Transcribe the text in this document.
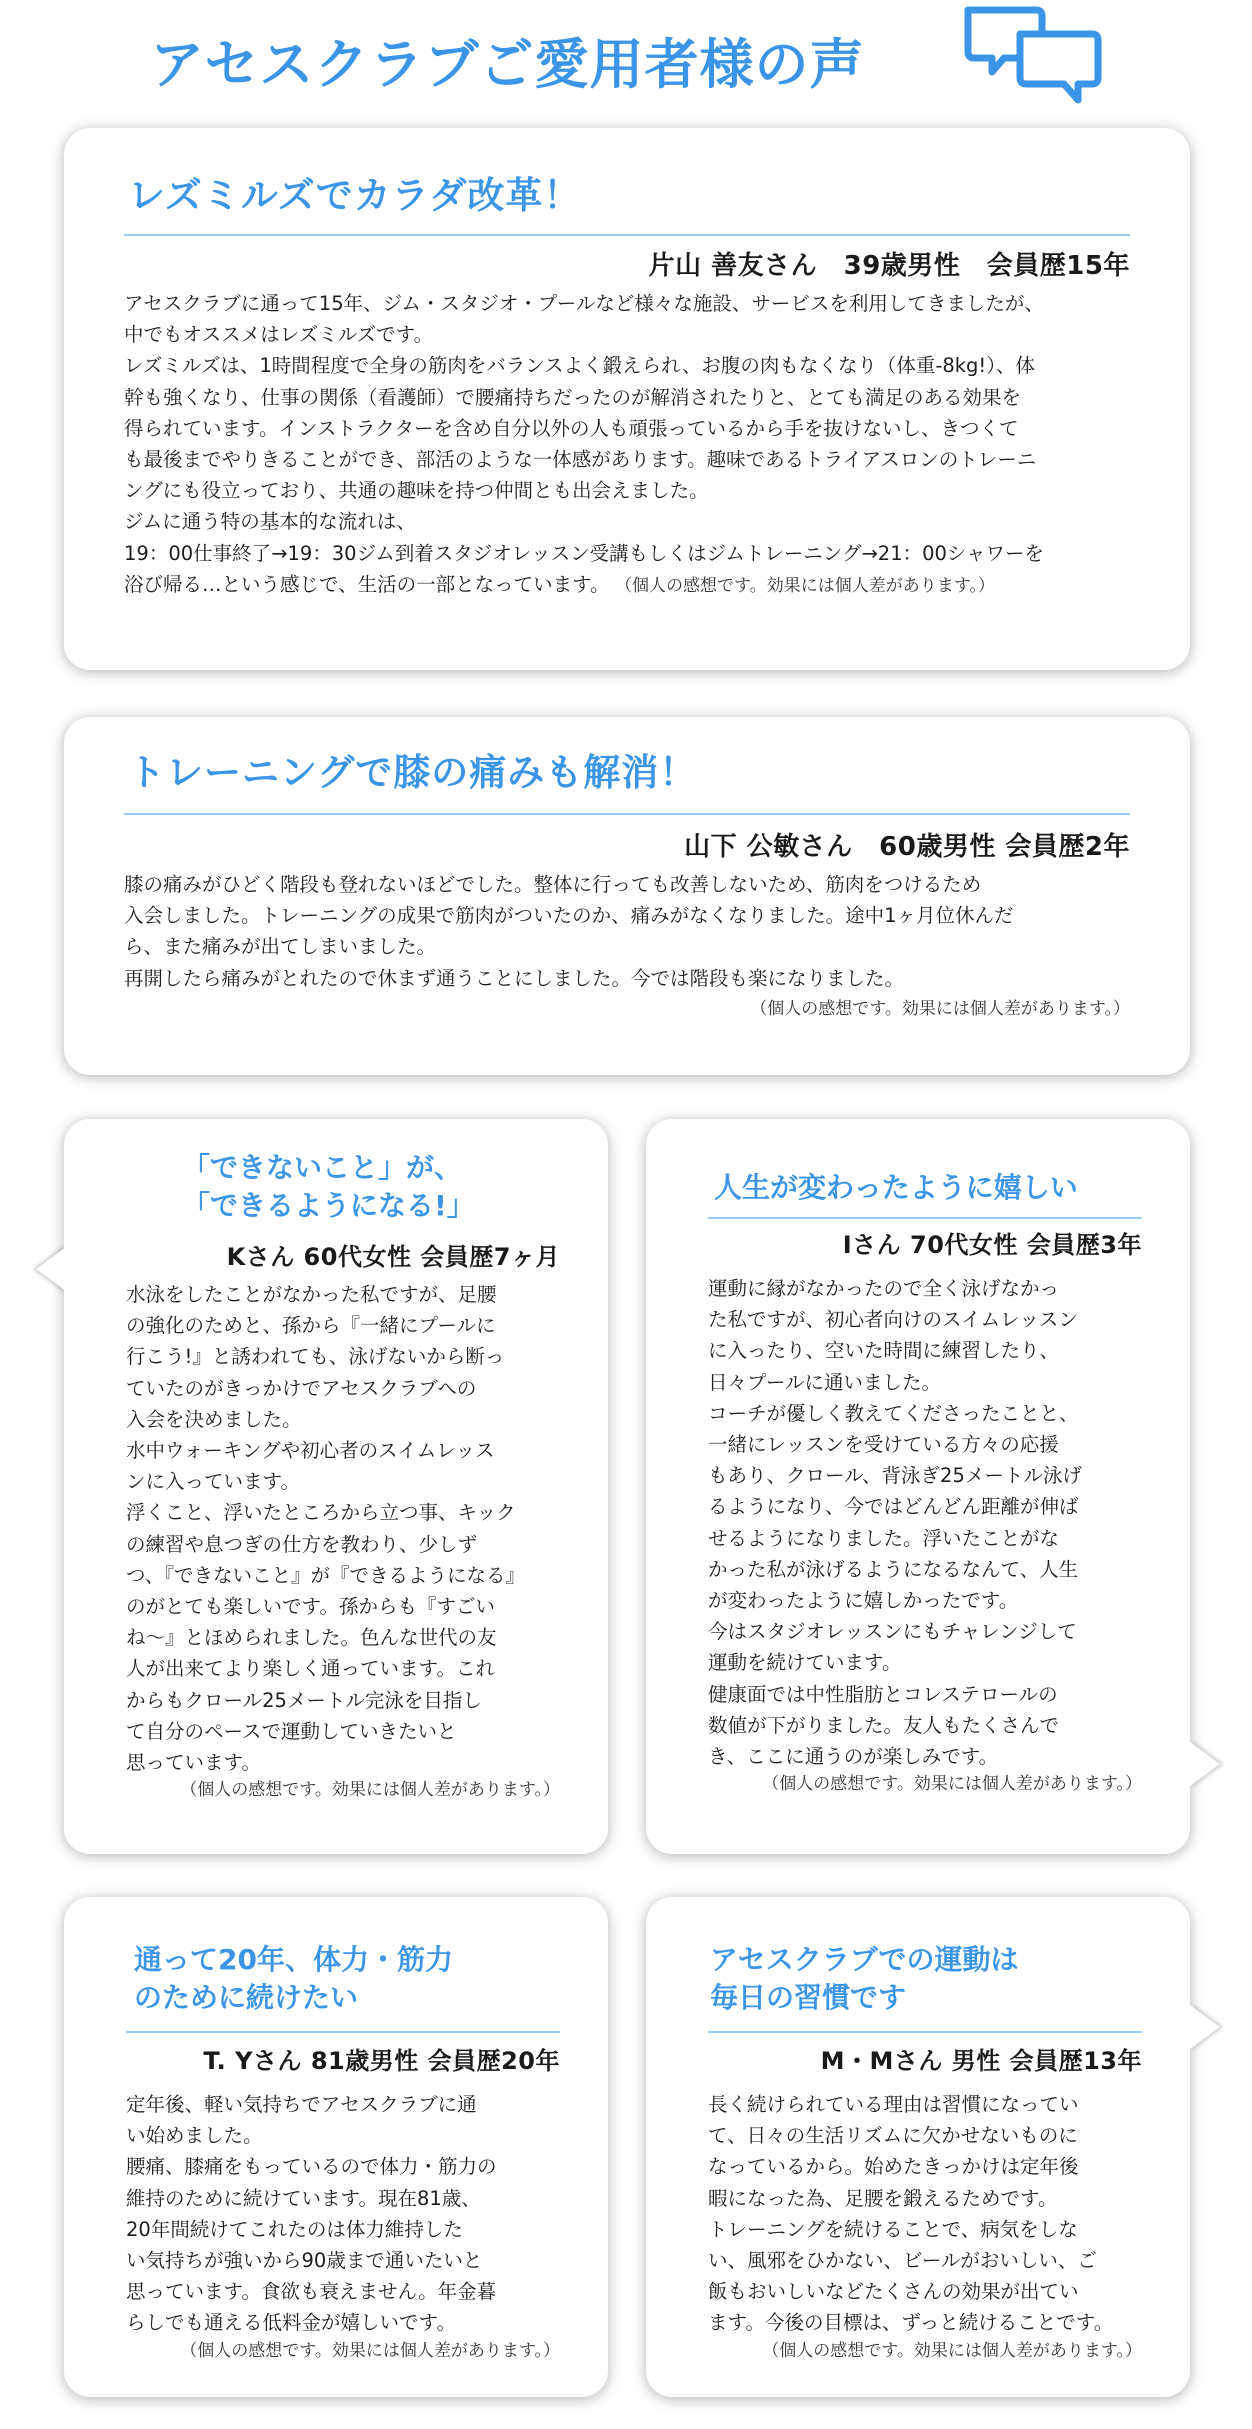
アセスクラブご愛用者様の声
レズミルズでカラダ改革！
片山 善友さん　39歳男性　会員歴15年
アセスクラブに通って15年、ジム・スタジオ・プールなど様々な施設、サービスを利用してきましたが、
中でもオススメはレズミルズです。
レズミルズは、1時間程度で全身の筋肉をバランスよく鍛えられ、お腹の肉もなくなり（体重-8kg!）、体
幹も強くなり、仕事の関係（看護師）で腰痛持ちだったのが解消されたりと、とても満足のある効果を
得られています。インストラクターを含め自分以外の人も頑張っているから手を抜けないし、きつくて
も最後までやりきることができ、部活のような一体感があります。趣味であるトライアスロンのトレーニ
ングにも役立っており、共通の趣味を持つ仲間とも出会えました。
ジムに通う特の基本的な流れは、
19：00仕事終了→19：30ジム到着スタジオレッスン受講もしくはジムトレーニング→21：00シャワーを
浴び帰る…という感じで、生活の一部となっています。 （個人の感想です。効果には個人差があります。）
トレーニングで膝の痛みも解消！
山下 公敏さん　60歳男性 会員歴2年
膝の痛みがひどく階段も登れないほどでした。整体に行っても改善しないため、筋肉をつけるため
入会しました。トレーニングの成果で筋肉がついたのか、痛みがなくなりました。途中1ヶ月位休んだ
ら、また痛みが出てしまいました。
再開したら痛みがとれたので休まず通うことにしました。今では階段も楽になりました。
（個人の感想です。効果には個人差があります。）
「できないこと」が、
「できるようになる!」
Kさん 60代女性 会員歴7ヶ月
水泳をしたことがなかった私ですが、足腰
の強化のためと、孫から『一緒にプールに
行こう!』と誘われても、泳げないから断っ
ていたのがきっかけでアセスクラブへの
入会を決めました。
水中ウォーキングや初心者のスイムレッス
ンに入っています。
浮くこと、浮いたところから立つ事、キック
の練習や息つぎの仕方を教わり、少しず
つ、『できないこと』が『できるようになる』
のがとても楽しいです。孫からも『すごい
ね〜』とほめられました。色んな世代の友
人が出来てより楽しく通っています。これ
からもクロール25メートル完泳を目指し
て自分のペースで運動していきたいと
思っています。
（個人の感想です。効果には個人差があります。）
人生が変わったように嬉しい
Iさん 70代女性 会員歴3年
運動に縁がなかったので全く泳げなかっ
た私ですが、初心者向けのスイムレッスン
に入ったり、空いた時間に練習したり、
日々プールに通いました。
コーチが優しく教えてくださったことと、
一緒にレッスンを受けている方々の応援
もあり、クロール、背泳ぎ25メートル泳げ
るようになり、今ではどんどん距離が伸ば
せるようになりました。浮いたことがな
かった私が泳げるようになるなんて、人生
が変わったように嬉しかったです。
今はスタジオレッスンにもチャレンジして
運動を続けています。
健康面では中性脂肪とコレステロールの
数値が下がりました。友人もたくさんで
き、ここに通うのが楽しみです。
（個人の感想です。効果には個人差があります。）
通って20年、体力・筋力
のために続けたい
T. Yさん 81歳男性 会員歴20年
定年後、軽い気持ちでアセスクラブに通
い始めました。
腰痛、膝痛をもっているので体力・筋力の
維持のために続けています。現在81歳、
20年間続けてこれたのは体力維持した
い気持ちが強いから90歳まで通いたいと
思っています。食欲も衰えません。年金暮
らしでも通える低料金が嬉しいです。
（個人の感想です。効果には個人差があります。）
アセスクラブでの運動は
毎日の習慣です
M・Mさん 男性 会員歴13年
長く続けられている理由は習慣になってい
て、日々の生活リズムに欠かせないものに
なっているから。始めたきっかけは定年後
暇になった為、足腰を鍛えるためです。
トレーニングを続けることで、病気をしな
い、風邪をひかない、ビールがおいしい、ご
飯もおいしいなどたくさんの効果が出てい
ます。今後の目標は、ずっと続けることです。
（個人の感想です。効果には個人差があります。）
